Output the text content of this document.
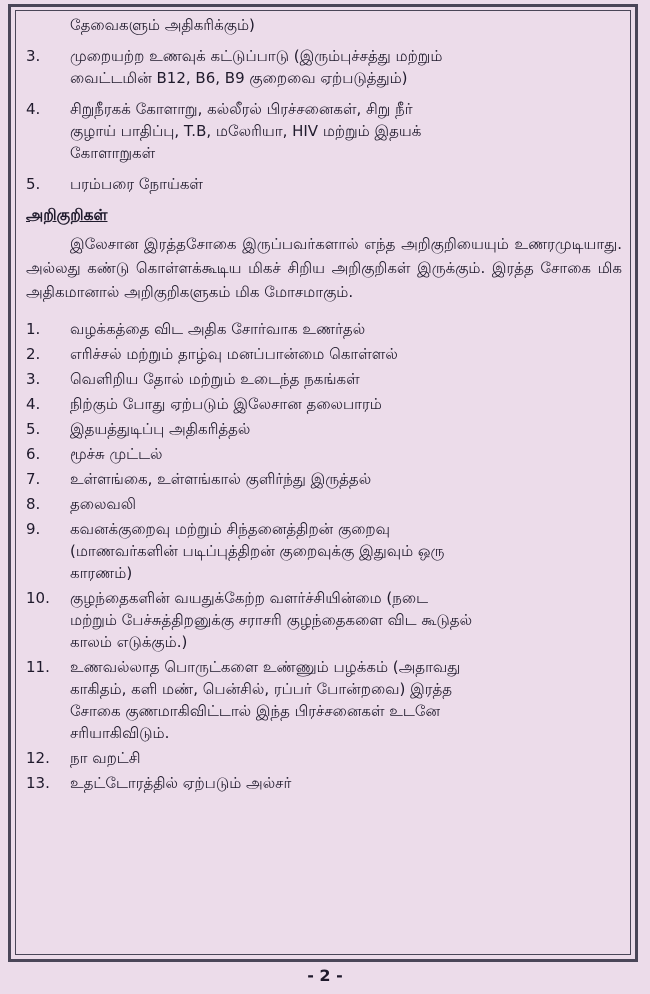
தேவைகளும் அதிகரிக்கும்)
3.	முறையற்ற உணவுக் கட்டுப்பாடு (இரும்புச்சத்து மற்றும்
வைட்டமின் B12, B6, B9 குறைவை ஏற்படுத்தும்)
4.	சிறுநீரகக் கோளாறு, கல்லீரல் பிரச்சனைகள், சிறு நீர்
குழாய் பாதிப்பு, T.B, மலேரியா, HIV மற்றும் இதயக்
கோளாறுகள்
5.	பரம்பரை நோய்கள்
அறிகுறிகள்
இலேசான இரத்தசோகை இருப்பவர்களால் எந்த அறிகுறியையும் உணரமுடியாது. அல்லது கண்டு கொள்ளக்கூடிய மிகச் சிறிய அறிகுறிகள் இருக்கும். இரத்த சோகை மிக அதிகமானால் அறிகுறிகளுகம் மிக மோசமாகும்.
1.	வழக்கத்தை விட அதிக சோர்வாக உணர்தல்
2.	எரிச்சல் மற்றும் தாழ்வு மனப்பான்மை கொள்ளல்
3.	வெளிறிய தோல் மற்றும் உடைந்த நகங்கள்
4.	நிற்கும் போது ஏற்படும் இலேசான தலைபாரம்
5.	இதயத்துடிப்பு அதிகரித்தல்
6.	மூச்சு முட்டல்
7.	உள்ளங்கை, உள்ளங்கால் குளிர்ந்து இருத்தல்
8.	தலைவலி
9.	கவனக்குறைவு மற்றும் சிந்தனைத்திறன் குறைவு
(மாணவர்களின் படிப்புத்திறன் குறைவுக்கு இதுவும் ஒரு
காரணம்)
10.	குழந்தைகளின் வயதுக்கேற்ற வளர்ச்சியின்மை (நடை
மற்றும் பேச்சுத்திறனுக்கு சராசரி குழந்தைகளை விட கூடுதல்
காலம் எடுக்கும்.)
11.	உணவல்லாத பொருட்களை உண்ணும் பழக்கம் (அதாவது
காகிதம், களி மண், பென்சில், ரப்பர் போன்றவை) இரத்த
சோகை குணமாகிவிட்டால் இந்த பிரச்சனைகள் உடனே
சரியாகிவிடும்.
12.	நா வறட்சி
13.	உதட்டோரத்தில் ஏற்படும் அல்சர்
- 2 -
